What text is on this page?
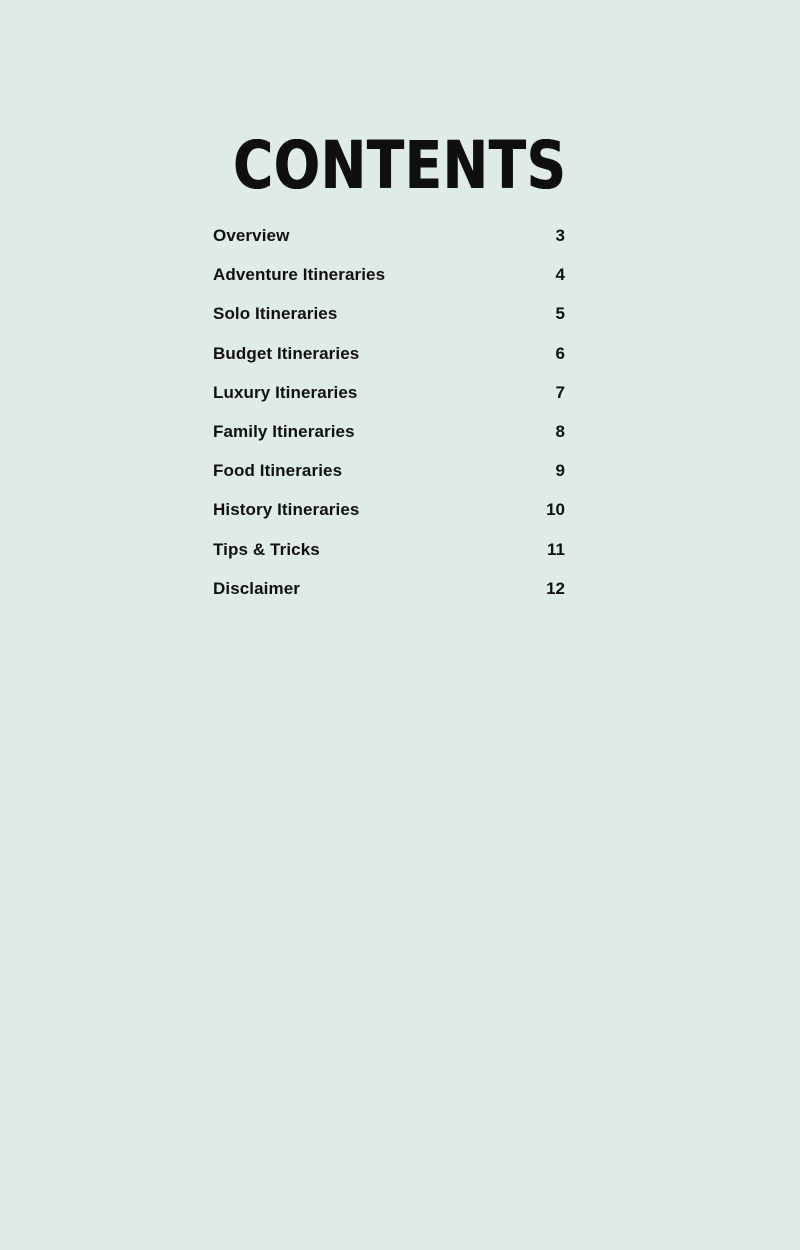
CONTENTS
Overview	3
Adventure Itineraries	4
Solo Itineraries	5
Budget Itineraries	6
Luxury Itineraries	7
Family Itineraries	8
Food Itineraries	9
History Itineraries	10
Tips & Tricks	11
Disclaimer	12
